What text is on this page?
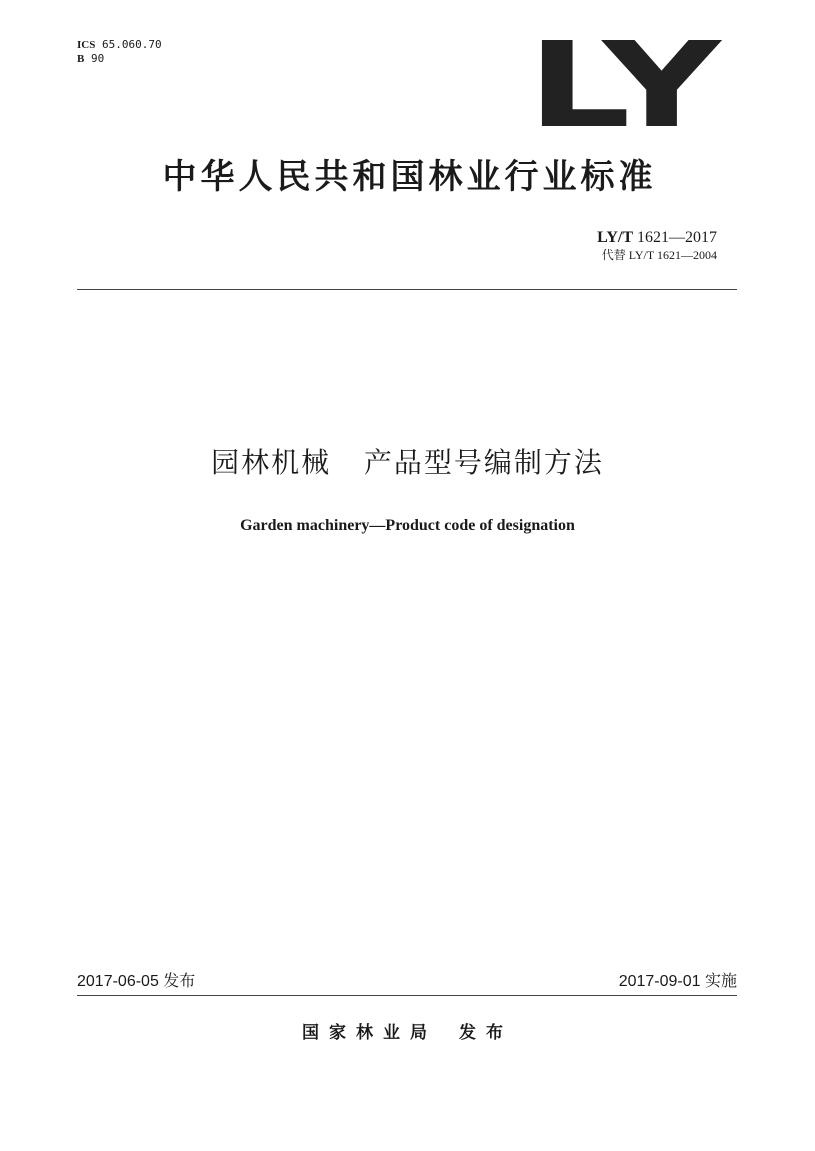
ICS 65.060.70
B 90	LY
中华人民共和国林业行业标准
LY/T 1621—2017
代替 LY/T 1621—2004
园林机械   产品型号编制方法
Garden machinery—Product code of designation
2017-06-05 发布	2017-09-01 实施
国家林业局 发布
